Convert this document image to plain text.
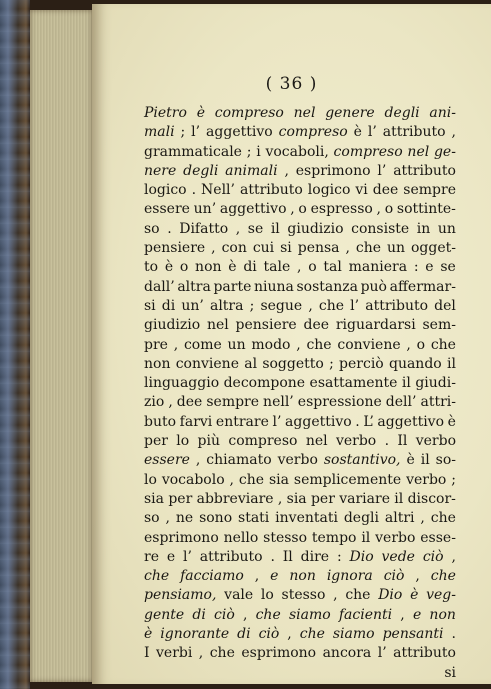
( 36 )
Pietro è compreso nel genere degli ani-
mali ; l’ aggettivo compreso è l’ attributo ,
grammaticale ; i vocaboli, compreso nel ge-
nere degli animali , esprimono l’ attributo
logico . Nell’ attributo logico vi dee sempre
essere un’ aggettivo , o espresso , o sottinte-
so . Difatto , se il giudizio consiste in un
pensiere , con cui si pensa , che un ogget-
to è o non è di tale , o tal maniera : e se
dall’ altra parte niuna sostanza può affermar-
si di un’ altra ; segue , che l’ attributo del
giudizio nel pensiere dee riguardarsi sem-
pre , come un modo , che conviene , o che
non conviene al soggetto ; perciò quando il
linguaggio decompone esattamente il giudi-
zio , dee sempre nell’ espressione dell’ attri-
buto farvi entrare l’ aggettivo . L’ aggettivo è
per lo più compreso nel verbo . Il verbo
essere , chiamato verbo sostantivo, è il so-
lo vocabolo , che sia semplicemente verbo ;
sia per abbreviare , sia per variare il discor-
so , ne sono stati inventati degli altri , che
esprimono nello stesso tempo il verbo esse-
re e l’ attributo . Il dire : Dio vede ciò ,
che facciamo , e non ignora ciò , che
pensiamo, vale lo stesso , che Dio è veg-
gente di ciò , che siamo facienti , e non
è ignorante di ciò , che siamo pensanti .
I verbi , che esprimono ancora l’ attributo
si
